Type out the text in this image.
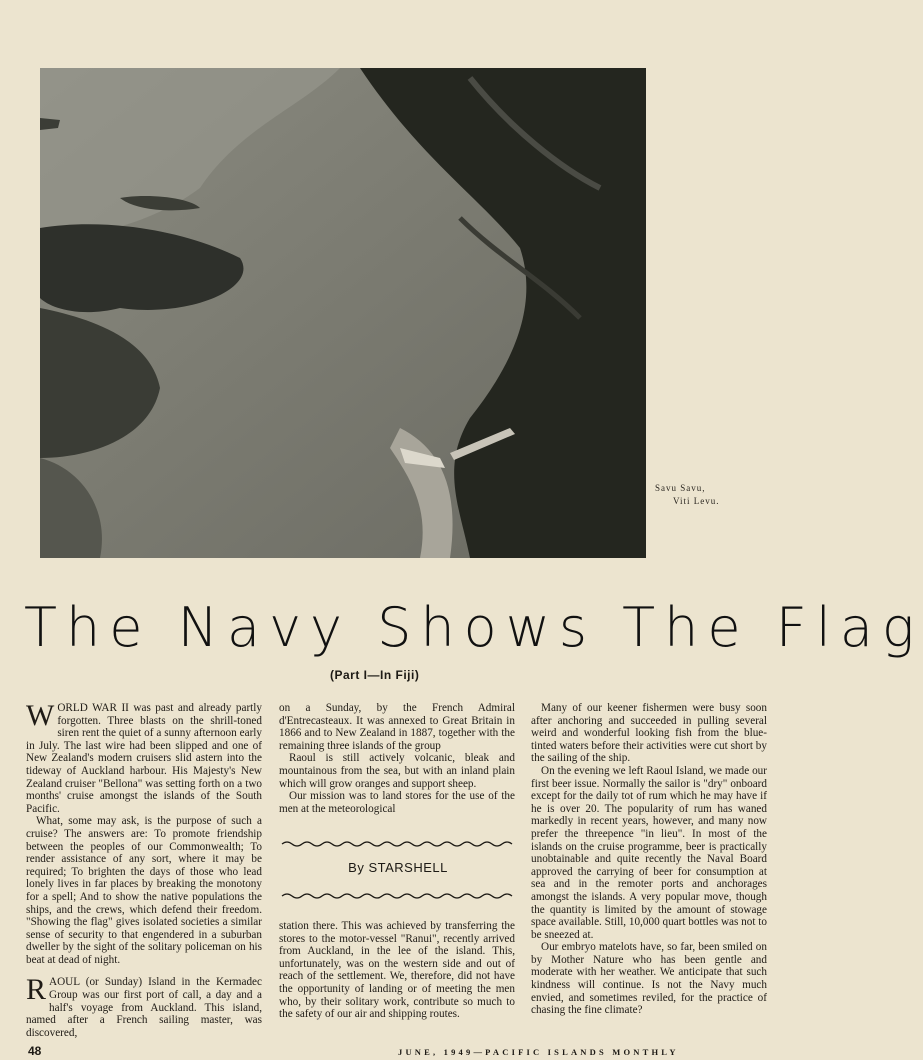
Savu Savu,
Viti Levu.
The Navy Shows The Flag
(Part I—In Fiji)

WORLD WAR II was past and already partly forgotten. Three blasts on the shrill-toned siren rent the quiet of a sunny afternoon early in July. The last wire had been slipped and one of New Zealand's modern cruisers slid astern into the tideway of Auckland harbour. His Majesty's New Zealand cruiser "Bellona" was setting forth on a two months' cruise amongst the islands of the South Pacific.

What, some may ask, is the purpose of such a cruise? The answers are: To promote friendship between the peoples of our Commonwealth; To render assistance of any sort, where it may be required; To brighten the days of those who lead lonely lives in far places by breaking the monotony for a spell; And to show the native populations the ships, and the crews, which defend their freedom. "Showing the flag" gives isolated societies a similar sense of security to that engendered in a suburban dweller by the sight of the solitary policeman on his beat at dead of night.

RAOUL (or Sunday) Island in the Kermadec Group was our first port of call, a day and a half's voyage from Auckland. This island, named after a French sailing master, was discovered,

on a Sunday, by the French Admiral d'Entrecasteaux. It was annexed to Great Britain in 1866 and to New Zealand in 1887, together with the remaining three islands of the group

Raoul is still actively volcanic, bleak and mountainous from the sea, but with an inland plain which will grow oranges and support sheep.

Our mission was to land stores for the use of the men at the meteorological

By STARSHELL

station there. This was achieved by transferring the stores to the motor-vessel "Ranui", recently arrived from Auckland, in the lee of the island. This, unfortunately, was on the western side and out of reach of the settlement. We, therefore, did not have the opportunity of landing or of meeting the men who, by their solitary work, contribute so much to the safety of our air and shipping routes.

Many of our keener fishermen were busy soon after anchoring and succeeded in pulling several weird and wonderful looking fish from the blue-tinted waters before their activities were cut short by the sailing of the ship.

On the evening we left Raoul Island, we made our first beer issue. Normally the sailor is "dry" onboard except for the daily tot of rum which he may have if he is over 20. The popularity of rum has waned markedly in recent years, however, and many now prefer the threepence "in lieu". In most of the islands on the cruise programme, beer is practically unobtainable and quite recently the Naval Board approved the carrying of beer for consumption at sea and in the remoter ports and anchorages amongst the islands. A very popular move, though the quantity is limited by the amount of stowage space available. Still, 10,000 quart bottles was not to be sneezed at.

Our embryo matelots have, so far, been smiled on by Mother Nature who has been gentle and moderate with her weather. We anticipate that such kindness will continue. Is not the Navy much envied, and sometimes reviled, for the practice of chasing the fine climate?

48	JUNE, 1949—PACIFIC ISLANDS MONTHLY
